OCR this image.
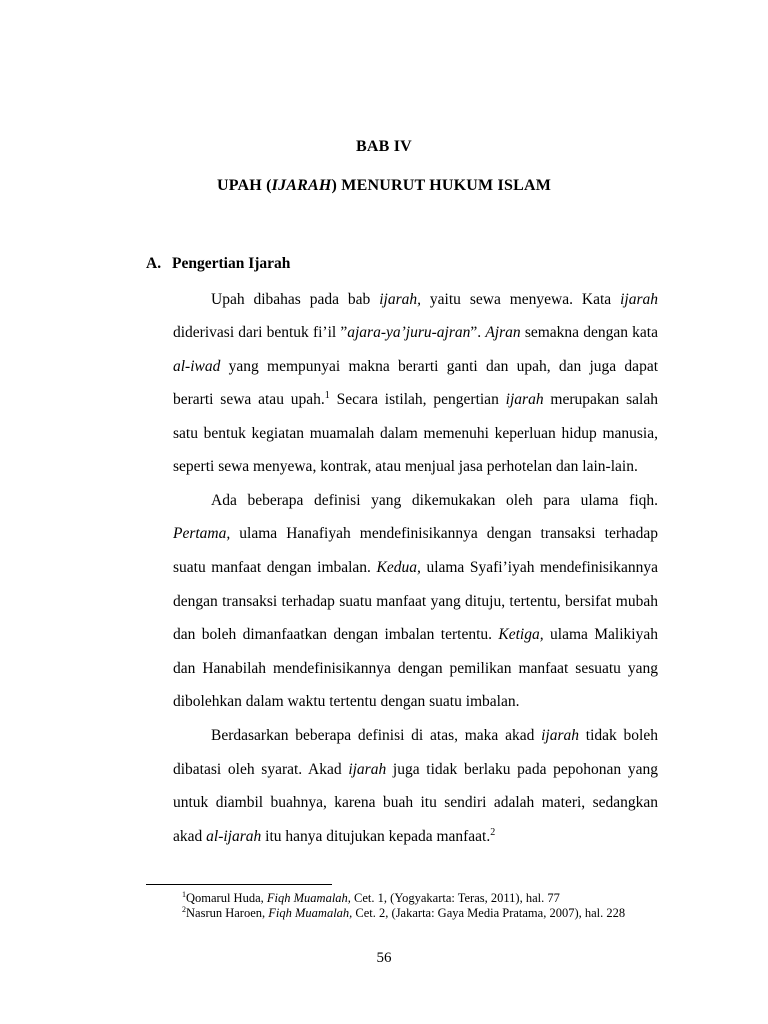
BAB IV
UPAH (IJARAH) MENURUT HUKUM ISLAM
A. Pengertian Ijarah
Upah dibahas pada bab ijarah, yaitu sewa menyewa. Kata ijarah
diderivasi dari bentuk fi’il ”ajara-ya’juru-ajran”. Ajran semakna dengan kata
al-iwad yang mempunyai makna berarti ganti dan upah, dan juga dapat
berarti sewa atau upah.$^1$ Secara istilah, pengertian ijarah merupakan salah
satu bentuk kegiatan muamalah dalam memenuhi keperluan hidup manusia,
seperti sewa menyewa, kontrak, atau menjual jasa perhotelan dan lain-lain.
Ada beberapa definisi yang dikemukakan oleh para ulama fiqh.
Pertama, ulama Hanafiyah mendefinisikannya dengan transaksi terhadap
suatu manfaat dengan imbalan. Kedua, ulama Syafi’iyah mendefinisikannya
dengan transaksi terhadap suatu manfaat yang dituju, tertentu, bersifat mubah
dan boleh dimanfaatkan dengan imbalan tertentu. Ketiga, ulama Malikiyah
dan Hanabilah mendefinisikannya dengan pemilikan manfaat sesuatu yang
dibolehkan dalam waktu tertentu dengan suatu imbalan.
Berdasarkan beberapa definisi di atas, maka akad ijarah tidak boleh
dibatasi oleh syarat. Akad ijarah juga tidak berlaku pada pepohonan yang
untuk diambil buahnya, karena buah itu sendiri adalah materi, sedangkan
akad al-ijarah itu hanya ditujukan kepada manfaat.$^2$
$^1$Qomarul Huda, Fiqh Muamalah, Cet. 1, (Yogyakarta: Teras, 2011), hal. 77
$^2$Nasrun Haroen, Fiqh Muamalah, Cet. 2, (Jakarta: Gaya Media Pratama, 2007), hal. 228
56
